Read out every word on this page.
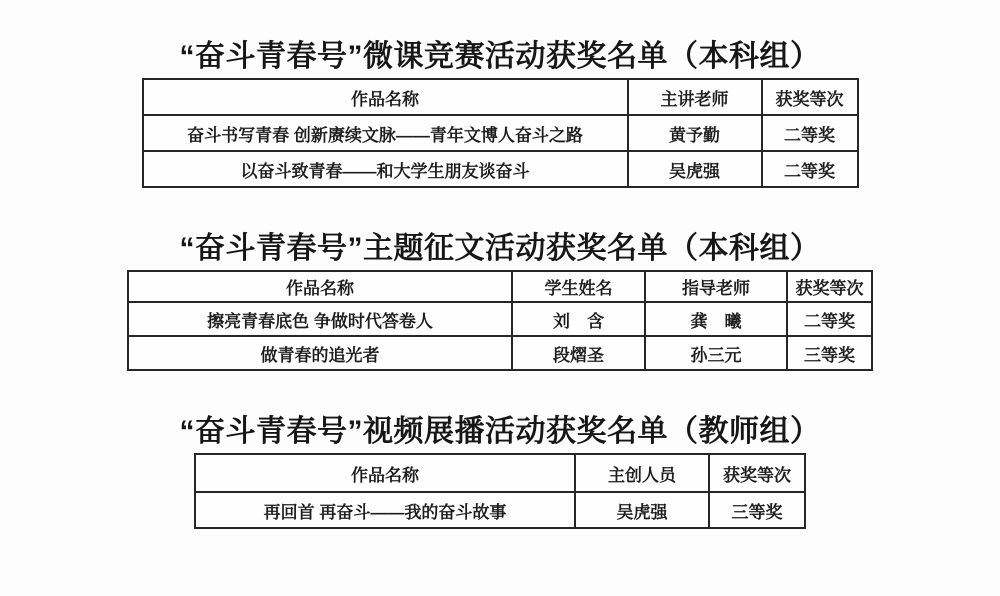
“奋斗青春号”微课竞赛活动获奖名单（本科组）
作品名称	主讲老师	获奖等次
奋斗书写青春 创新赓续文脉——青年文博人奋斗之路	黄予勤	二等奖
以奋斗致青春——和大学生朋友谈奋斗	吴虎强	二等奖
“奋斗青春号”主题征文活动获奖名单（本科组）
作品名称	学生姓名	指导老师	获奖等次
擦亮青春底色 争做时代答卷人	刘　含	龚　曦	二等奖
做青春的追光者	段熠圣	孙三元	三等奖
“奋斗青春号”视频展播活动获奖名单（教师组）
作品名称	主创人员	获奖等次
再回首 再奋斗——我的奋斗故事	吴虎强	三等奖
